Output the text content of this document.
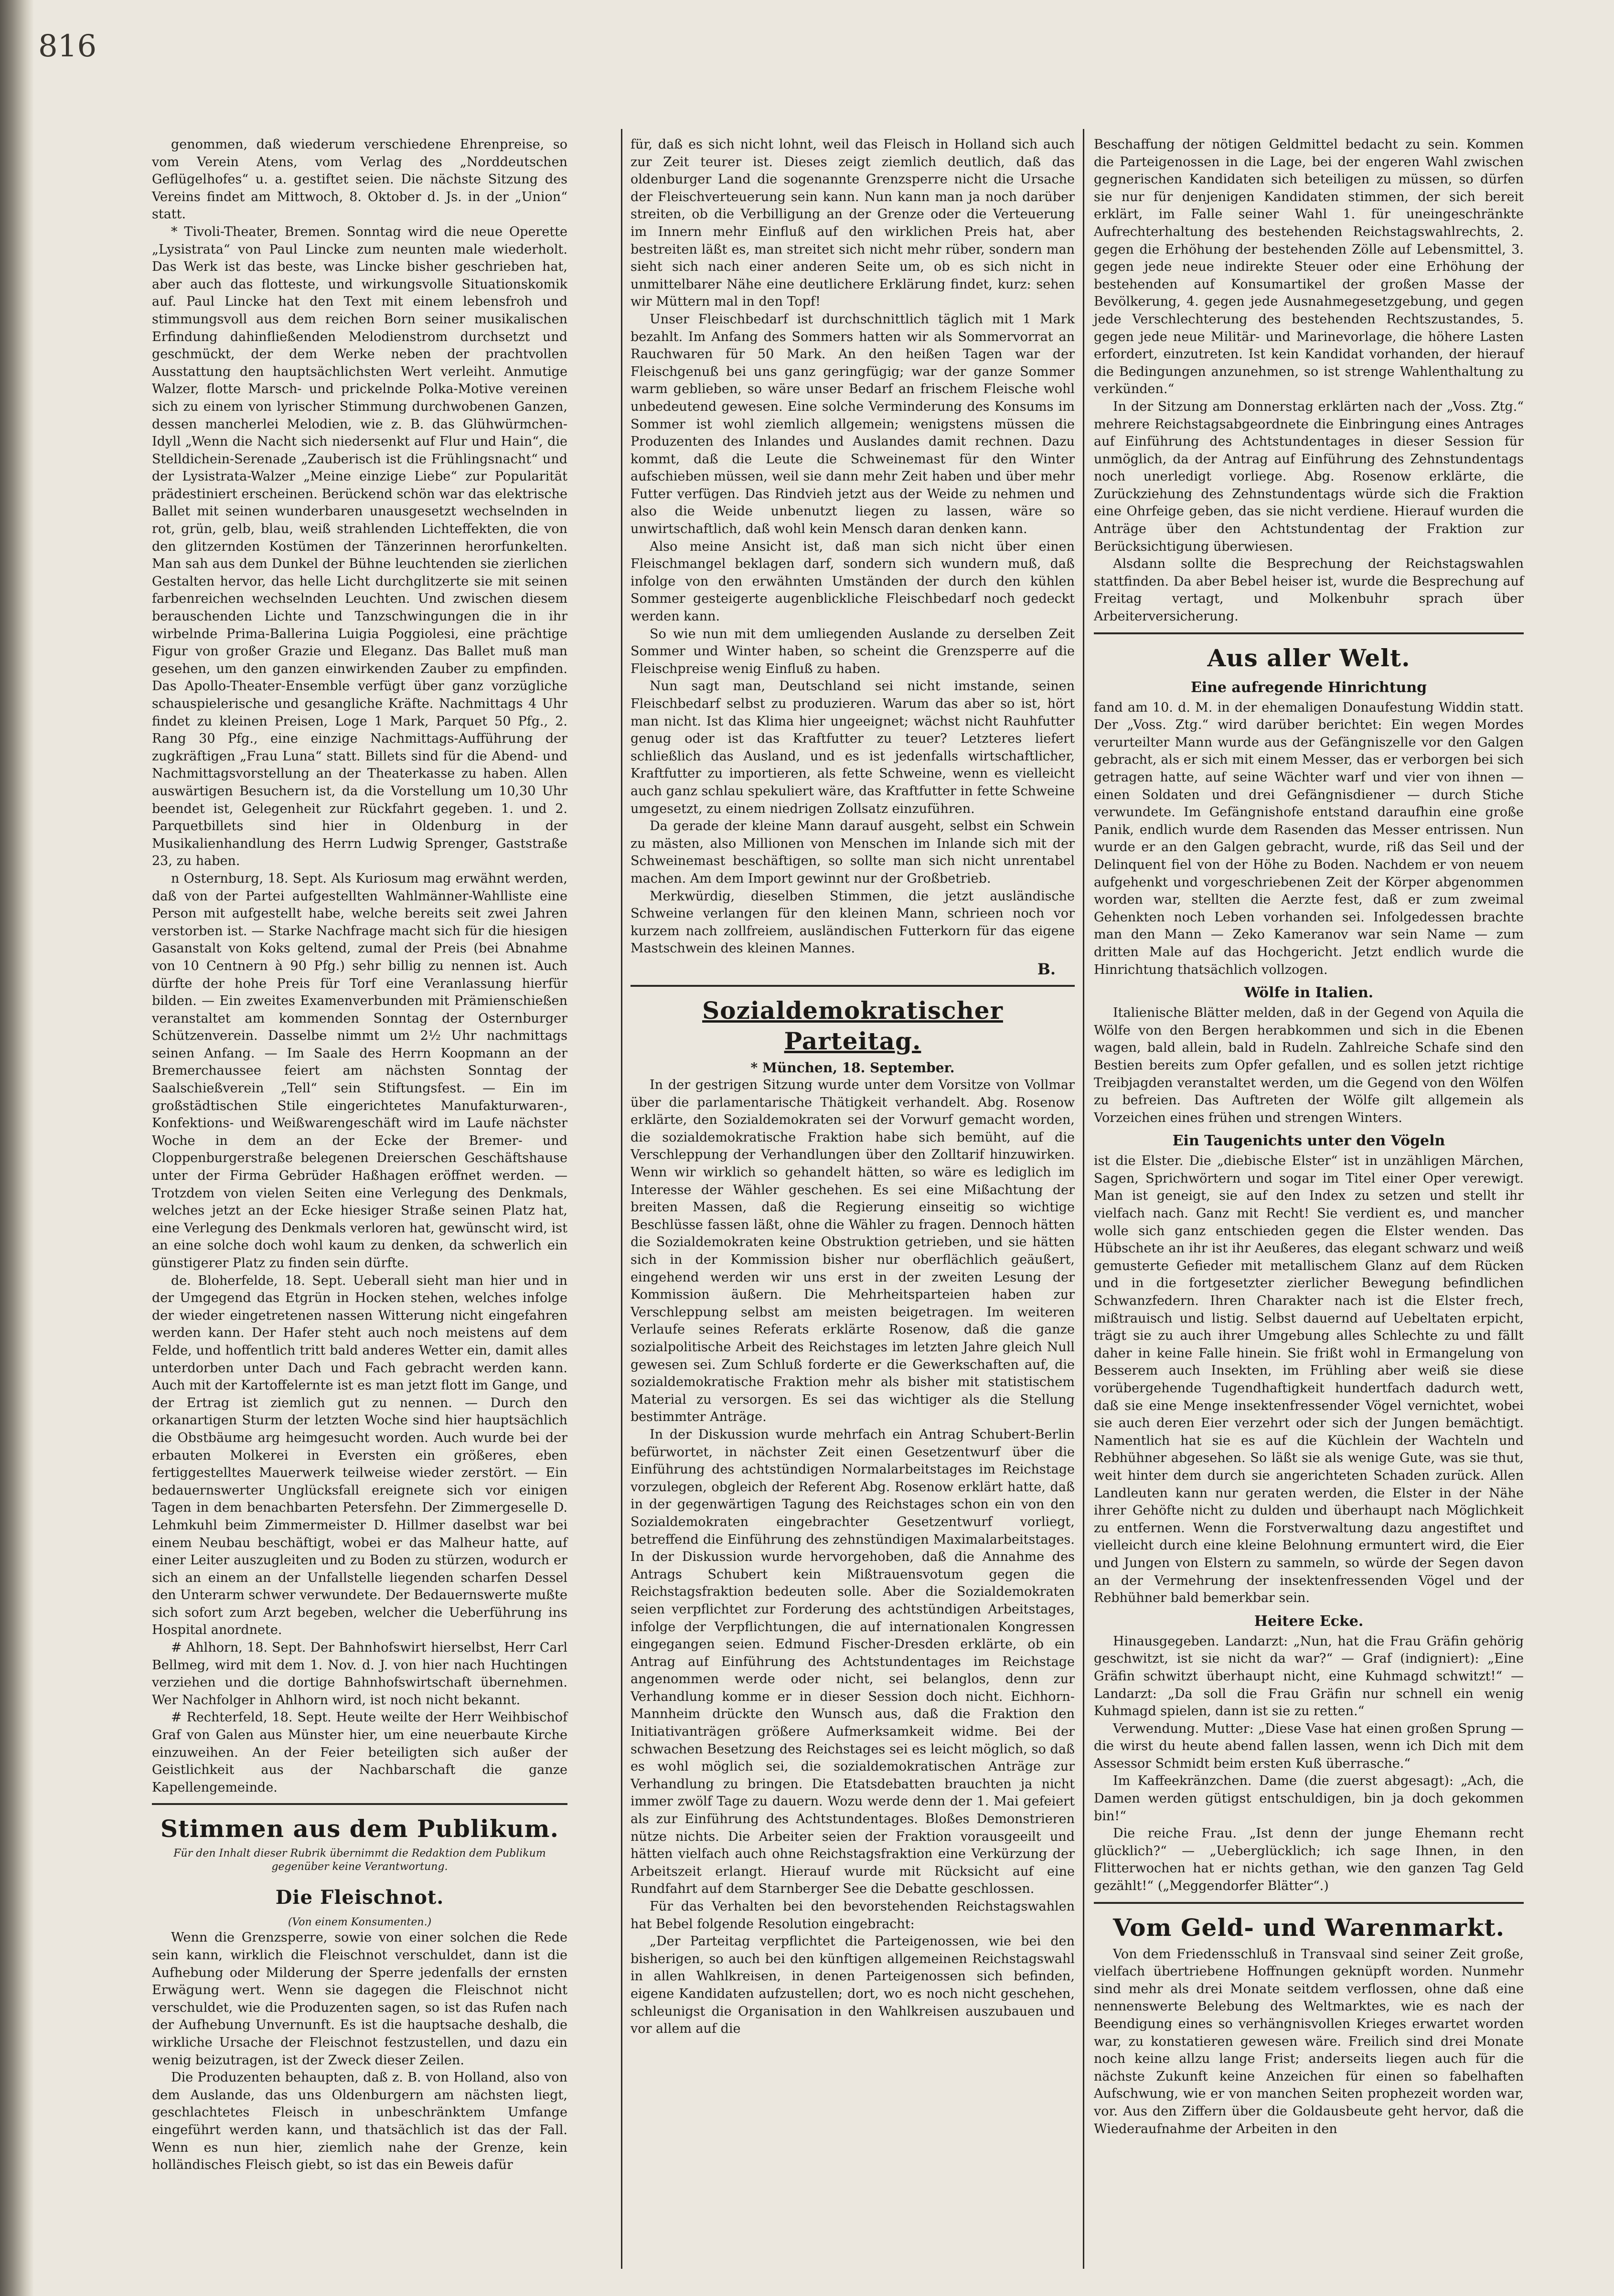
816

genommen, daß wiederum verschiedene Ehrenpreise, so vom Verein Atens, vom Verlag des „Norddeutschen Geflügelhofes“ u. a. gestiftet seien. Die nächste Sitzung des Vereins findet am Mittwoch, 8. Oktober d. Js. in der „Union“ statt.

* Tivoli-Theater, Bremen. Sonntag wird die neue Operette „Lysistrata“ von Paul Lincke zum neunten male wiederholt. Das Werk ist das beste, was Lincke bisher geschrieben hat, aber auch das flotteste, und wirkungsvolle Situationskomik auf. Paul Lincke hat den Text mit einem lebensfroh und stimmungsvoll aus dem reichen Born seiner musikalischen Erfindung dahinfließenden Melodienstrom durchsetzt und geschmückt, der dem Werke neben der prachtvollen Ausstattung den hauptsächlichsten Wert verleiht. Anmutige Walzer, flotte Marsch- und prickelnde Polka-Motive vereinen sich zu einem von lyrischer Stimmung durchwobenen Ganzen, dessen mancherlei Melodien, wie z. B. das Glühwürmchen-Idyll „Wenn die Nacht sich niedersenkt auf Flur und Hain“, die Stelldichein-Serenade „Zauberisch ist die Frühlingsnacht“ und der Lysistrata-Walzer „Meine einzige Liebe“ zur Popularität prädestiniert erscheinen. Berückend schön war das elektrische Ballet mit seinen wunderbaren unausgesetzt wechselnden in rot, grün, gelb, blau, weiß strahlenden Lichteffekten, die von den glitzernden Kostümen der Tänzerinnen herorfunkelten. Man sah aus dem Dunkel der Bühne leuchtenden sie zierlichen Gestalten hervor, das helle Licht durchglitzerte sie mit seinen farbenreichen wechselnden Leuchten. Und zwischen diesem berauschenden Lichte und Tanzschwingungen die in ihr wirbelnde Prima-Ballerina Luigia Poggiolesi, eine prächtige Figur von großer Grazie und Eleganz. Das Ballet muß man gesehen, um den ganzen einwirkenden Zauber zu empfinden. Das Apollo-Theater-Ensemble verfügt über ganz vorzügliche schauspielerische und gesangliche Kräfte. Nachmittags 4 Uhr findet zu kleinen Preisen, Loge 1 Mark, Parquet 50 Pfg., 2. Rang 30 Pfg., eine einzige Nachmittags-Aufführung der zugkräftigen „Frau Luna“ statt. Billets sind für die Abend- und Nachmittagsvorstellung an der Theaterkasse zu haben. Allen auswärtigen Besuchern ist, da die Vorstellung um 10,30 Uhr beendet ist, Gelegenheit zur Rückfahrt gegeben. 1. und 2. Parquetbillets sind hier in Oldenburg in der Musikalienhandlung des Herrn Ludwig Sprenger, Gaststraße 23, zu haben.

n Osternburg, 18. Sept. Als Kuriosum mag erwähnt werden, daß von der Partei aufgestellten Wahlmänner-Wahlliste eine Person mit aufgestellt habe, welche bereits seit zwei Jahren verstorben ist. — Starke Nachfrage macht sich für die hiesigen Gasanstalt von Koks geltend, zumal der Preis (bei Abnahme von 10 Centnern à 90 Pfg.) sehr billig zu nennen ist. Auch dürfte der hohe Preis für Torf eine Veranlassung hierfür bilden. — Ein zweites Examenverbunden mit Prämienschießen veranstaltet am kommenden Sonntag der Osternburger Schützenverein. Dasselbe nimmt um 2½ Uhr nachmittags seinen Anfang. — Im Saale des Herrn Koopmann an der Bremerchaussee feiert am nächsten Sonntag der Saalschießverein „Tell“ sein Stiftungsfest. — Ein im großstädtischen Stile eingerichtetes Manufakturwaren-, Konfektions- und Weißwarengeschäft wird im Laufe nächster Woche in dem an der Ecke der Bremer- und Cloppenburgerstraße belegenen Dreierschen Geschäftshause unter der Firma Gebrüder Haßhagen eröffnet werden. — Trotzdem von vielen Seiten eine Verlegung des Denkmals, welches jetzt an der Ecke hiesiger Straße seinen Platz hat, eine Verlegung des Denkmals verloren hat, gewünscht wird, ist an eine solche doch wohl kaum zu denken, da schwerlich ein günstigerer Platz zu finden sein dürfte.

de. Bloherfelde, 18. Sept. Ueberall sieht man hier und in der Umgegend das Etgrün in Hocken stehen, welches infolge der wieder eingetretenen nassen Witterung nicht eingefahren werden kann. Der Hafer steht auch noch meistens auf dem Felde, und hoffentlich tritt bald anderes Wetter ein, damit alles unterdorben unter Dach und Fach gebracht werden kann. Auch mit der Kartoffelernte ist es man jetzt flott im Gange, und der Ertrag ist ziemlich gut zu nennen. — Durch den orkanartigen Sturm der letzten Woche sind hier hauptsächlich die Obstbäume arg heimgesucht worden. Auch wurde bei der erbauten Molkerei in Eversten ein größeres, eben fertiggestelltes Mauerwerk teilweise wieder zerstört. — Ein bedauernswerter Unglücksfall ereignete sich vor einigen Tagen in dem benachbarten Petersfehn. Der Zimmergeselle D. Lehmkuhl beim Zimmermeister D. Hillmer daselbst war bei einem Neubau beschäftigt, wobei er das Malheur hatte, auf einer Leiter auszugleiten und zu Boden zu stürzen, wodurch er sich an einem an der Unfallstelle liegenden scharfen Dessel den Unterarm schwer verwundete. Der Bedauernswerte mußte sich sofort zum Arzt begeben, welcher die Ueberführung ins Hospital anordnete.

# Ahlhorn, 18. Sept. Der Bahnhofswirt hierselbst, Herr Carl Bellmeg, wird mit dem 1. Nov. d. J. von hier nach Huchtingen verziehen und die dortige Bahnhofswirtschaft übernehmen. Wer Nachfolger in Ahlhorn wird, ist noch nicht bekannt.

# Rechterfeld, 18. Sept. Heute weilte der Herr Weihbischof Graf von Galen aus Münster hier, um eine neuerbaute Kirche einzuweihen. An der Feier beteiligten sich außer der Geistlichkeit aus der Nachbarschaft die ganze Kapellengemeinde.

Stimmen aus dem Publikum.
Für den Inhalt dieser Rubrik übernimmt die Redaktion dem Publikum gegenüber keine Verantwortung.
Die Fleischnot.
(Von einem Konsumenten.)

Wenn die Grenzsperre, sowie von einer solchen die Rede sein kann, wirklich die Fleischnot verschuldet, dann ist die Aufhebung oder Milderung der Sperre jedenfalls der ernsten Erwägung wert. Wenn sie dagegen die Fleischnot nicht verschuldet, wie die Produzenten sagen, so ist das Rufen nach der Aufhebung Unvernunft. Es ist die hauptsache deshalb, die wirkliche Ursache der Fleischnot festzustellen, und dazu ein wenig beizutragen, ist der Zweck dieser Zeilen.

Die Produzenten behaupten, daß z. B. von Holland, also von dem Auslande, das uns Oldenburgern am nächsten liegt, geschlachtetes Fleisch in unbeschränktem Umfange eingeführt werden kann, und thatsächlich ist das der Fall. Wenn es nun hier, ziemlich nahe der Grenze, kein holländisches Fleisch giebt, so ist das ein Beweis dafür

für, daß es sich nicht lohnt, weil das Fleisch in Holland sich auch zur Zeit teurer ist. Dieses zeigt ziemlich deutlich, daß das oldenburger Land die sogenannte Grenzsperre nicht die Ursache der Fleischverteuerung sein kann. Nun kann man ja noch darüber streiten, ob die Verbilligung an der Grenze oder die Verteuerung im Innern mehr Einfluß auf den wirklichen Preis hat, aber bestreiten läßt es, man streitet sich nicht mehr rüber, sondern man sieht sich nach einer anderen Seite um, ob es sich nicht in unmittelbarer Nähe eine deutlichere Erklärung findet, kurz: sehen wir Müttern mal in den Topf!

Unser Fleischbedarf ist durchschnittlich täglich mit 1 Mark bezahlt. Im Anfang des Sommers hatten wir als Sommervorrat an Rauchwaren für 50 Mark. An den heißen Tagen war der Fleischgenuß bei uns ganz geringfügig; war der ganze Sommer warm geblieben, so wäre unser Bedarf an frischem Fleische wohl unbedeutend gewesen. Eine solche Verminderung des Konsums im Sommer ist wohl ziemlich allgemein; wenigstens müssen die Produzenten des Inlandes und Auslandes damit rechnen. Dazu kommt, daß die Leute die Schweinemast für den Winter aufschieben müssen, weil sie dann mehr Zeit haben und über mehr Futter verfügen. Das Rindvieh jetzt aus der Weide zu nehmen und also die Weide unbenutzt liegen zu lassen, wäre so unwirtschaftlich, daß wohl kein Mensch daran denken kann.

Also meine Ansicht ist, daß man sich nicht über einen Fleischmangel beklagen darf, sondern sich wundern muß, daß infolge von den erwähnten Umständen der durch den kühlen Sommer gesteigerte augenblickliche Fleischbedarf noch gedeckt werden kann.

So wie nun mit dem umliegenden Auslande zu derselben Zeit Sommer und Winter haben, so scheint die Grenzsperre auf die Fleischpreise wenig Einfluß zu haben.

Nun sagt man, Deutschland sei nicht imstande, seinen Fleischbedarf selbst zu produzieren. Warum das aber so ist, hört man nicht. Ist das Klima hier ungeeignet; wächst nicht Rauhfutter genug oder ist das Kraftfutter zu teuer? Letzteres liefert schließlich das Ausland, und es ist jedenfalls wirtschaftlicher, Kraftfutter zu importieren, als fette Schweine, wenn es vielleicht auch ganz schlau spekuliert wäre, das Kraftfutter in fette Schweine umgesetzt, zu einem niedrigen Zollsatz einzuführen.

Da gerade der kleine Mann darauf ausgeht, selbst ein Schwein zu mästen, also Millionen von Menschen im Inlande sich mit der Schweinemast beschäftigen, so sollte man sich nicht unrentabel machen. Am dem Import gewinnt nur der Großbetrieb.

Merkwürdig, dieselben Stimmen, die jetzt ausländische Schweine verlangen für den kleinen Mann, schrieen noch vor kurzem nach zollfreiem, ausländischen Futterkorn für das eigene Mastschwein des kleinen Mannes.

B.
Sozialdemokratischer Parteitag.
* München, 18. September.

In der gestrigen Sitzung wurde unter dem Vorsitze von Vollmar über die parlamentarische Thätigkeit verhandelt. Abg. Rosenow erklärte, den Sozialdemokraten sei der Vorwurf gemacht worden, die sozialdemokratische Fraktion habe sich bemüht, auf die Verschleppung der Verhandlungen über den Zolltarif hinzuwirken. Wenn wir wirklich so gehandelt hätten, so wäre es lediglich im Interesse der Wähler geschehen. Es sei eine Mißachtung der breiten Massen, daß die Regierung einseitig so wichtige Beschlüsse fassen läßt, ohne die Wähler zu fragen. Dennoch hätten die Sozialdemokraten keine Obstruktion getrieben, und sie hätten sich in der Kommission bisher nur oberflächlich geäußert, eingehend werden wir uns erst in der zweiten Lesung der Kommission äußern. Die Mehrheitsparteien haben zur Verschleppung selbst am meisten beigetragen. Im weiteren Verlaufe seines Referats erklärte Rosenow, daß die ganze sozialpolitische Arbeit des Reichstages im letzten Jahre gleich Null gewesen sei. Zum Schluß forderte er die Gewerkschaften auf, die sozialdemokratische Fraktion mehr als bisher mit statistischem Material zu versorgen. Es sei das wichtiger als die Stellung bestimmter Anträge.

In der Diskussion wurde mehrfach ein Antrag Schubert-Berlin befürwortet, in nächster Zeit einen Gesetzentwurf über die Einführung des achtstündigen Normalarbeitstages im Reichstage vorzulegen, obgleich der Referent Abg. Rosenow erklärt hatte, daß in der gegenwärtigen Tagung des Reichstages schon ein von den Sozialdemokraten eingebrachter Gesetzentwurf vorliegt, betreffend die Einführung des zehnstündigen Maximalarbeitstages. In der Diskussion wurde hervorgehoben, daß die Annahme des Antrags Schubert kein Mißtrauensvotum gegen die Reichstagsfraktion bedeuten solle. Aber die Sozialdemokraten seien verpflichtet zur Forderung des achtstündigen Arbeitstages, infolge der Verpflichtungen, die auf internationalen Kongressen eingegangen seien. Edmund Fischer-Dresden erklärte, ob ein Antrag auf Einführung des Achtstundentages im Reichstage angenommen werde oder nicht, sei belanglos, denn zur Verhandlung komme er in dieser Session doch nicht. Eichhorn-Mannheim drückte den Wunsch aus, daß die Fraktion den Initiativanträgen größere Aufmerksamkeit widme. Bei der schwachen Besetzung des Reichstages sei es leicht möglich, so daß es wohl möglich sei, die sozialdemokratischen Anträge zur Verhandlung zu bringen. Die Etatsdebatten brauchten ja nicht immer zwölf Tage zu dauern. Wozu werde denn der 1. Mai gefeiert als zur Einführung des Achtstundentages. Bloßes Demonstrieren nütze nichts. Die Arbeiter seien der Fraktion vorausgeeilt und hätten vielfach auch ohne Reichstagsfraktion eine Verkürzung der Arbeitszeit erlangt. Hierauf wurde mit Rücksicht auf eine Rundfahrt auf dem Starnberger See die Debatte geschlossen.

Für das Verhalten bei den bevorstehenden Reichstagswahlen hat Bebel folgende Resolution eingebracht:

„Der Parteitag verpflichtet die Parteigenossen, wie bei den bisherigen, so auch bei den künftigen allgemeinen Reichstagswahl in allen Wahlkreisen, in denen Parteigenossen sich befinden, eigene Kandidaten aufzustellen; dort, wo es noch nicht geschehen, schleunigst die Organisation in den Wahlkreisen auszubauen und vor allem auf die

Beschaffung der nötigen Geldmittel bedacht zu sein. Kommen die Parteigenossen in die Lage, bei der engeren Wahl zwischen gegnerischen Kandidaten sich beteiligen zu müssen, so dürfen sie nur für denjenigen Kandidaten stimmen, der sich bereit erklärt, im Falle seiner Wahl 1. für uneingeschränkte Aufrechterhaltung des bestehenden Reichstagswahlrechts, 2. gegen die Erhöhung der bestehenden Zölle auf Lebensmittel, 3. gegen jede neue indirekte Steuer oder eine Erhöhung der bestehenden auf Konsumartikel der großen Masse der Bevölkerung, 4. gegen jede Ausnahmegesetzgebung, und gegen jede Verschlechterung des bestehenden Rechtszustandes, 5. gegen jede neue Militär- und Marinevorlage, die höhere Lasten erfordert, einzutreten. Ist kein Kandidat vorhanden, der hierauf die Bedingungen anzunehmen, so ist strenge Wahlenthaltung zu verkünden.“

In der Sitzung am Donnerstag erklärten nach der „Voss. Ztg.“ mehrere Reichstagsabgeordnete die Einbringung eines Antrages auf Einführung des Achtstundentages in dieser Session für unmöglich, da der Antrag auf Einführung des Zehnstundentags noch unerledigt vorliege. Abg. Rosenow erklärte, die Zurückziehung des Zehnstundentags würde sich die Fraktion eine Ohrfeige geben, das sie nicht verdiene. Hierauf wurden die Anträge über den Achtstundentag der Fraktion zur Berücksichtigung überwiesen.

Alsdann sollte die Besprechung der Reichstagswahlen stattfinden. Da aber Bebel heiser ist, wurde die Besprechung auf Freitag vertagt, und Molkenbuhr sprach über Arbeiterversicherung.

Aus aller Welt.
Eine aufregende Hinrichtung

fand am 10. d. M. in der ehemaligen Donaufestung Widdin statt. Der „Voss. Ztg.“ wird darüber berichtet: Ein wegen Mordes verurteilter Mann wurde aus der Gefängniszelle vor den Galgen gebracht, als er sich mit einem Messer, das er verborgen bei sich getragen hatte, auf seine Wächter warf und vier von ihnen — einen Soldaten und drei Gefängnisdiener — durch Stiche verwundete. Im Gefängnishofe entstand daraufhin eine große Panik, endlich wurde dem Rasenden das Messer entrissen. Nun wurde er an den Galgen gebracht, wurde, riß das Seil und der Delinquent fiel von der Höhe zu Boden. Nachdem er von neuem aufgehenkt und vorgeschriebenen Zeit der Körper abgenommen worden war, stellten die Aerzte fest, daß er zum zweimal Gehenkten noch Leben vorhanden sei. Infolgedessen brachte man den Mann — Zeko Kameranov war sein Name — zum dritten Male auf das Hochgericht. Jetzt endlich wurde die Hinrichtung thatsächlich vollzogen.

Wölfe in Italien.

Italienische Blätter melden, daß in der Gegend von Aquila die Wölfe von den Bergen herabkommen und sich in die Ebenen wagen, bald allein, bald in Rudeln. Zahlreiche Schafe sind den Bestien bereits zum Opfer gefallen, und es sollen jetzt richtige Treibjagden veranstaltet werden, um die Gegend von den Wölfen zu befreien. Das Auftreten der Wölfe gilt allgemein als Vorzeichen eines frühen und strengen Winters.

Ein Taugenichts unter den Vögeln

ist die Elster. Die „diebische Elster“ ist in unzähligen Märchen, Sagen, Sprichwörtern und sogar im Titel einer Oper verewigt. Man ist geneigt, sie auf den Index zu setzen und stellt ihr vielfach nach. Ganz mit Recht! Sie verdient es, und mancher wolle sich ganz entschieden gegen die Elster wenden. Das Hübschete an ihr ist ihr Aeußeres, das elegant schwarz und weiß gemusterte Gefieder mit metallischem Glanz auf dem Rücken und in die fortgesetzter zierlicher Bewegung befindlichen Schwanzfedern. Ihren Charakter nach ist die Elster frech, mißtrauisch und listig. Selbst dauernd auf Uebeltaten erpicht, trägt sie zu auch ihrer Umgebung alles Schlechte zu und fällt daher in keine Falle hinein. Sie frißt wohl in Ermangelung von Besserem auch Insekten, im Frühling aber weiß sie diese vorübergehende Tugendhaftigkeit hundertfach dadurch wett, daß sie eine Menge insektenfressender Vögel vernichtet, wobei sie auch deren Eier verzehrt oder sich der Jungen bemächtigt. Namentlich hat sie es auf die Küchlein der Wachteln und Rebhühner abgesehen. So läßt sie als wenige Gute, was sie thut, weit hinter dem durch sie angerichteten Schaden zurück. Allen Landleuten kann nur geraten werden, die Elster in der Nähe ihrer Gehöfte nicht zu dulden und überhaupt nach Möglichkeit zu entfernen. Wenn die Forstverwaltung dazu angestiftet und vielleicht durch eine kleine Belohnung ermuntert wird, die Eier und Jungen von Elstern zu sammeln, so würde der Segen davon an der Vermehrung der insektenfressenden Vögel und der Rebhühner bald bemerkbar sein.

Heitere Ecke.

Hinausgegeben. Landarzt: „Nun, hat die Frau Gräfin gehörig geschwitzt, ist sie nicht da war?“ — Graf (indigniert): „Eine Gräfin schwitzt überhaupt nicht, eine Kuhmagd schwitzt!“ — Landarzt: „Da soll die Frau Gräfin nur schnell ein wenig Kuhmagd spielen, dann ist sie zu retten.“

Verwendung. Mutter: „Diese Vase hat einen großen Sprung — die wirst du heute abend fallen lassen, wenn ich Dich mit dem Assessor Schmidt beim ersten Kuß überrasche.“

Im Kaffeekränzchen. Dame (die zuerst abgesagt): „Ach, die Damen werden gütigst entschuldigen, bin ja doch gekommen bin!“

Die reiche Frau. „Ist denn der junge Ehemann recht glücklich?“ — „Ueberglücklich; ich sage Ihnen, in den Flitterwochen hat er nichts gethan, wie den ganzen Tag Geld gezählt!“ („Meggendorfer Blätter“.)

Vom Geld- und Warenmarkt.

Von dem Friedensschluß in Transvaal sind seiner Zeit große, vielfach übertriebene Hoffnungen geknüpft worden. Nunmehr sind mehr als drei Monate seitdem verflossen, ohne daß eine nennenswerte Belebung des Weltmarktes, wie es nach der Beendigung eines so verhängnisvollen Krieges erwartet worden war, zu konstatieren gewesen wäre. Freilich sind drei Monate noch keine allzu lange Frist; anderseits liegen auch für die nächste Zukunft keine Anzeichen für einen so fabelhaften Aufschwung, wie er von manchen Seiten prophezeit worden war, vor. Aus den Ziffern über die Goldausbeute geht hervor, daß die Wiederaufnahme der Arbeiten in den
